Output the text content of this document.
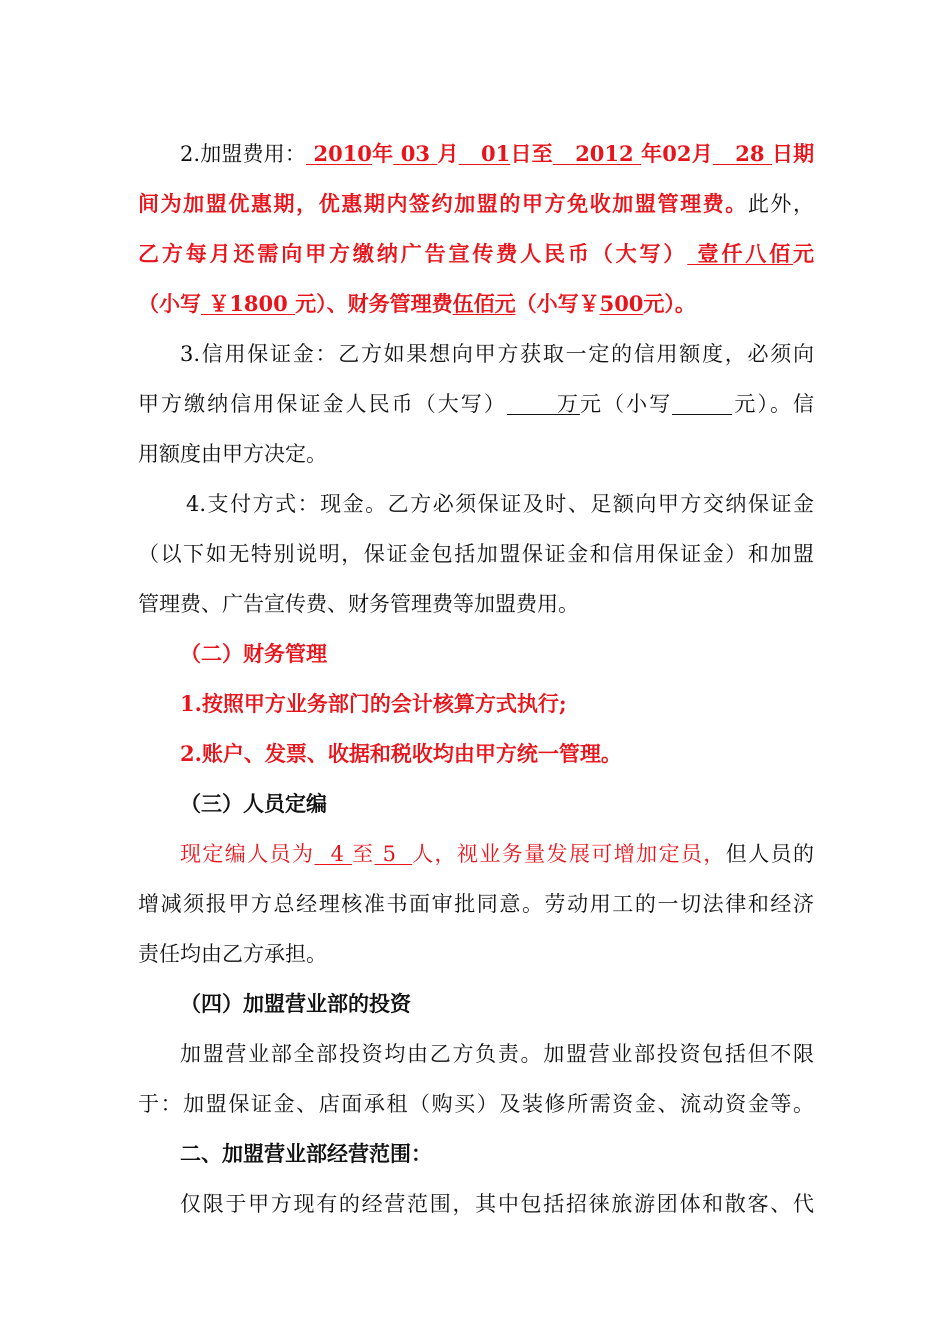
2.加盟费用： 2010年 03 月 01日至 2012 年02月 28 日期
间为加盟优惠期，优惠期内签约加盟的甲方免收加盟管理费。此外，
乙方每月还需向甲方缴纳广告宣传费人民币（大写） 壹仟八佰元
（小写 ￥1800 元）、财务管理费伍佰元（小写￥500元）。
3.信用保证金：乙方如果想向甲方获取一定的信用额度，必须向
甲方缴纳信用保证金人民币（大写） 万元（小写	元）。信
用额度由甲方决定。
4.支付方式：现金。乙方必须保证及时、足额向甲方交纳保证金
（以下如无特别说明，保证金包括加盟保证金和信用保证金）和加盟
管理费、广告宣传费、财务管理费等加盟费用。
（二）财务管理
1.按照甲方业务部门的会计核算方式执行;
2.账户、发票、收据和税收均由甲方统一管理。
（三）人员定编
现定编人员为 4 至 5 人，视业务量发展可增加定员，但人员的
增减须报甲方总经理核准书面审批同意。劳动用工的一切法律和经济
责任均由乙方承担。
（四）加盟营业部的投资
加盟营业部全部投资均由乙方负责。加盟营业部投资包括但不限
于：加盟保证金、店面承租（购买）及装修所需资金、流动资金等。
二、加盟营业部经营范围：
仅限于甲方现有的经营范围，其中包括招徕旅游团体和散客、代
